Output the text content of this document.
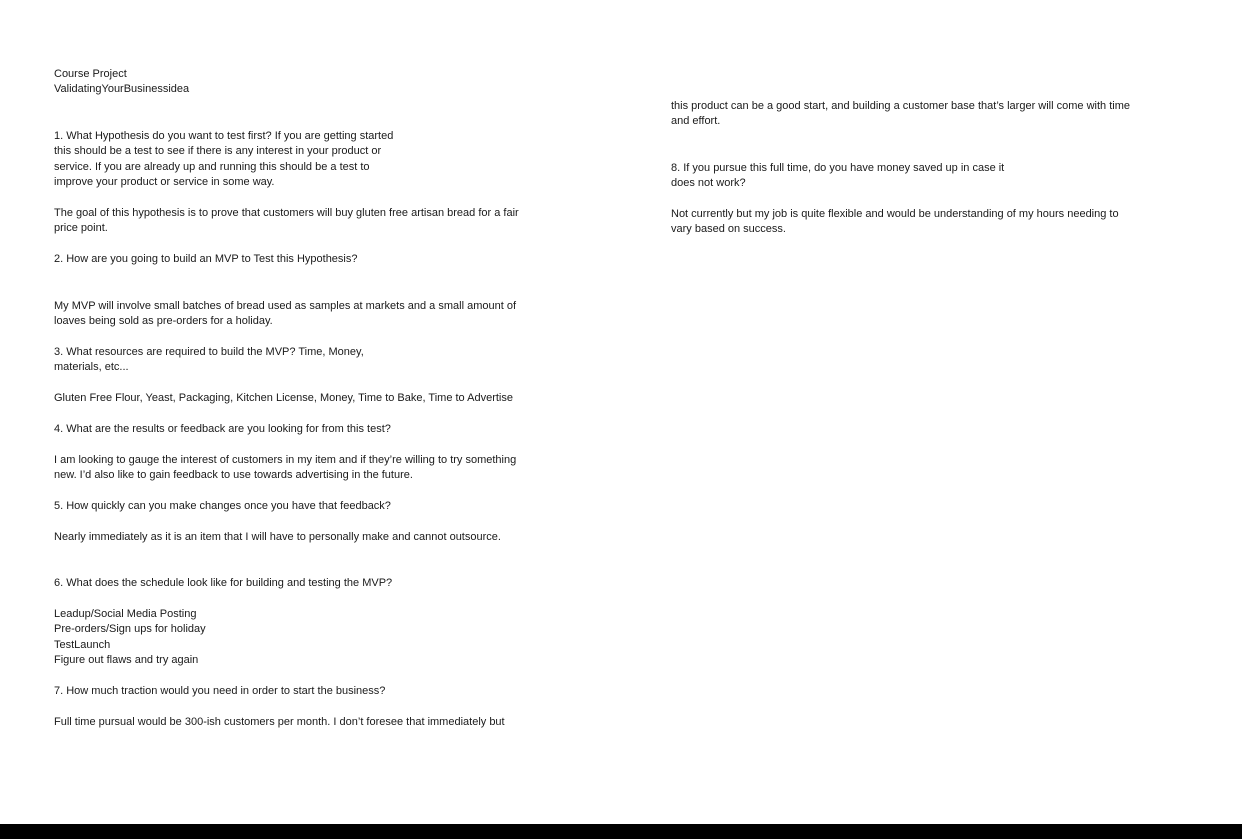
Course Project
ValidatingYourBusinessidea
1. What Hypothesis do you want to test first? If you are getting started
this should be a test to see if there is any interest in your product or
service. If you are already up and running this should be a test to
improve your product or service in some way.
The goal of this hypothesis is to prove that customers will buy gluten free artisan bread for a fair
price point.
2. How are you going to build an MVP to Test this Hypothesis?
My MVP will involve small batches of bread used as samples at markets and a small amount of
loaves being sold as pre-orders for a holiday.
3. What resources are required to build the MVP? Time, Money,
materials, etc...
Gluten Free Flour, Yeast, Packaging, Kitchen License, Money, Time to Bake, Time to Advertise
4. What are the results or feedback are you looking for from this test?
I am looking to gauge the interest of customers in my item and if they’re willing to try something
new. I’d also like to gain feedback to use towards advertising in the future.
5. How quickly can you make changes once you have that feedback?
Nearly immediately as it is an item that I will have to personally make and cannot outsource.
6. What does the schedule look like for building and testing the MVP?
Leadup/Social Media Posting
Pre-orders/Sign ups for holiday
TestLaunch
Figure out flaws and try again
7. How much traction would you need in order to start the business?
Full time pursual would be 300-ish customers per month. I don’t foresee that immediately but
this product can be a good start, and building a customer base that’s larger will come with time
and effort.
8. If you pursue this full time, do you have money saved up in case it
does not work?
Not currently but my job is quite flexible and would be understanding of my hours needing to
vary based on success.
